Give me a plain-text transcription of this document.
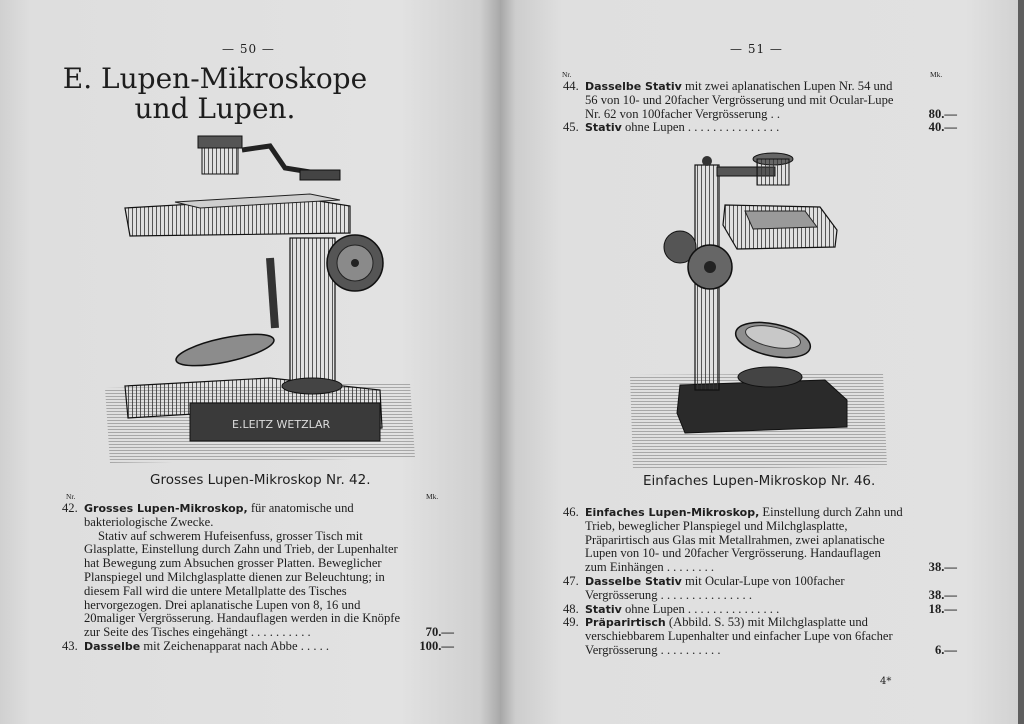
— 50 —
E. Lupen-Mikroskope
und Lupen.
E.LEITZ WETZLAR
Grosses Lupen-Mikroskop Nr. 42.
Nr.	Mk.
42. Grosses Lupen-Mikroskop, für anatomische und bakteriologische Zwecke.
Stativ auf schwerem Hufeisenfuss, grosser Tisch mit Glasplatte, Einstellung durch Zahn und Trieb, der Lupenhalter hat Bewegung zum Absuchen grosser Platten. Beweglicher Planspiegel und Milchglasplatte dienen zur Beleuchtung; in diesem Fall wird die untere Metallplatte des Tisches hervorgezogen. Drei aplanatische Lupen von 8, 16 und 20maliger Vergrösserung. Handauflagen werden in die Knöpfe zur Seite des Tisches eingehängt . . . . . . . . . .	70.—
43. Dasselbe mit Zeichenapparat nach Abbe . . . . .	100.—
— 51 —
Nr.	Mk.
44. Dasselbe Stativ mit zwei aplanatischen Lupen Nr. 54 und 56 von 10- und 20facher Vergrösserung und mit Ocular-Lupe Nr. 62 von 100facher Vergrösserung . .	80.—
45. Stativ ohne Lupen . . . . . . . . . . . . . . .	40.—
Einfaches Lupen-Mikroskop Nr. 46.
46. Einfaches Lupen-Mikroskop, Einstellung durch Zahn und Trieb, beweglicher Planspiegel und Milchglasplatte, Präparirtisch aus Glas mit Metallrahmen, zwei aplanatische Lupen von 10- und 20facher Vergrösserung. Handauflagen zum Einhängen . . . . . . . .	38.—
47. Dasselbe Stativ mit Ocular-Lupe von 100facher Vergrösserung . . . . . . . . . . . . . . .	38.—
48. Stativ ohne Lupen . . . . . . . . . . . . . . .	18.—
49. Präparirtisch (Abbild. S. 53) mit Milchglasplatte und verschiebbarem Lupenhalter und einfacher Lupe von 6facher Vergrösserung . . . . . . . . . .	6.—
4*
